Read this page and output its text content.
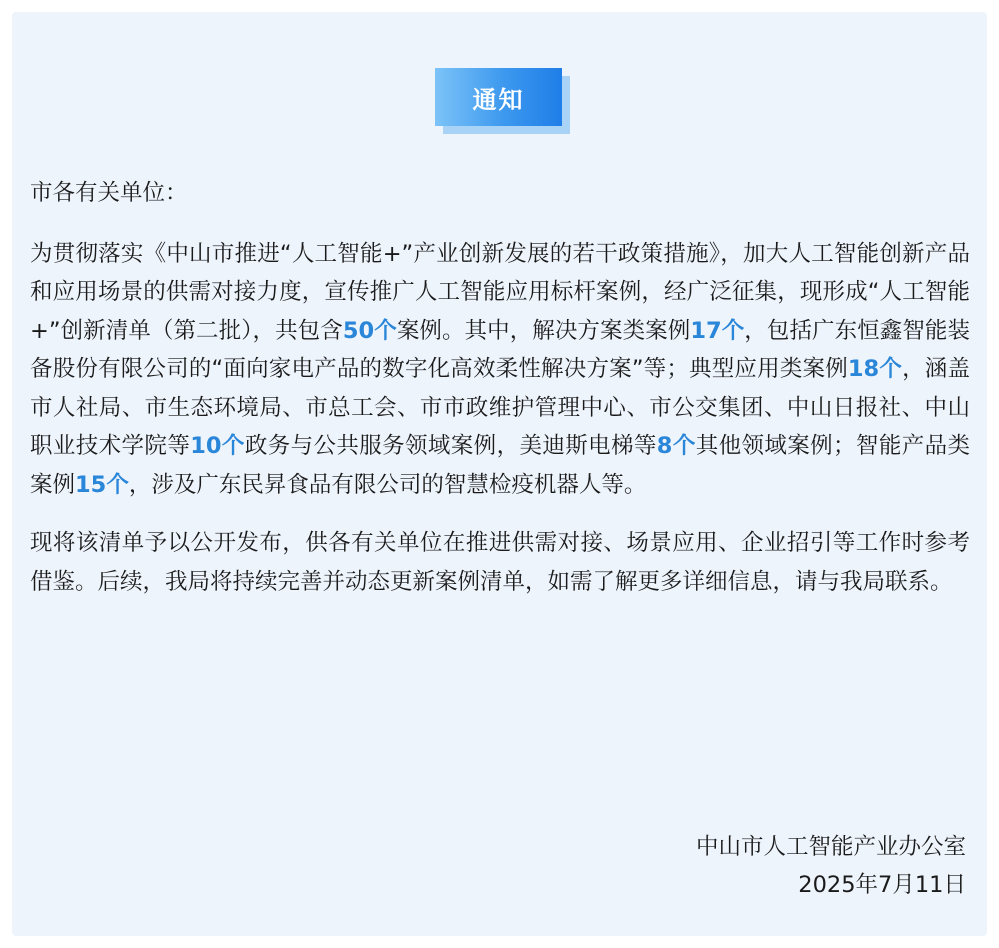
通知

市各有关单位：

为贯彻落实《中山市推进“人工智能+”产业创新发展的若干政策措施》，加大人工智能创新产品和应用场景的供需对接力度，宣传推广人工智能应用标杆案例，经广泛征集，现形成“人工智能+”创新清单（第二批），共包含50个案例。其中，解决方案类案例17个，包括广东恒鑫智能装备股份有限公司的“面向家电产品的数字化高效柔性解决方案”等；典型应用类案例18个，涵盖市人社局、市生态环境局、市总工会、市市政维护管理中心、市公交集团、中山日报社、中山职业技术学院等10个政务与公共服务领域案例，美迪斯电梯等8个其他领域案例；智能产品类案例15个，涉及广东民昇食品有限公司的智慧检疫机器人等。

现将该清单予以公开发布，供各有关单位在推进供需对接、场景应用、企业招引等工作时参考借鉴。后续，我局将持续完善并动态更新案例清单，如需了解更多详细信息，请与我局联系。

中山市人工智能产业办公室
2025年7月11日
